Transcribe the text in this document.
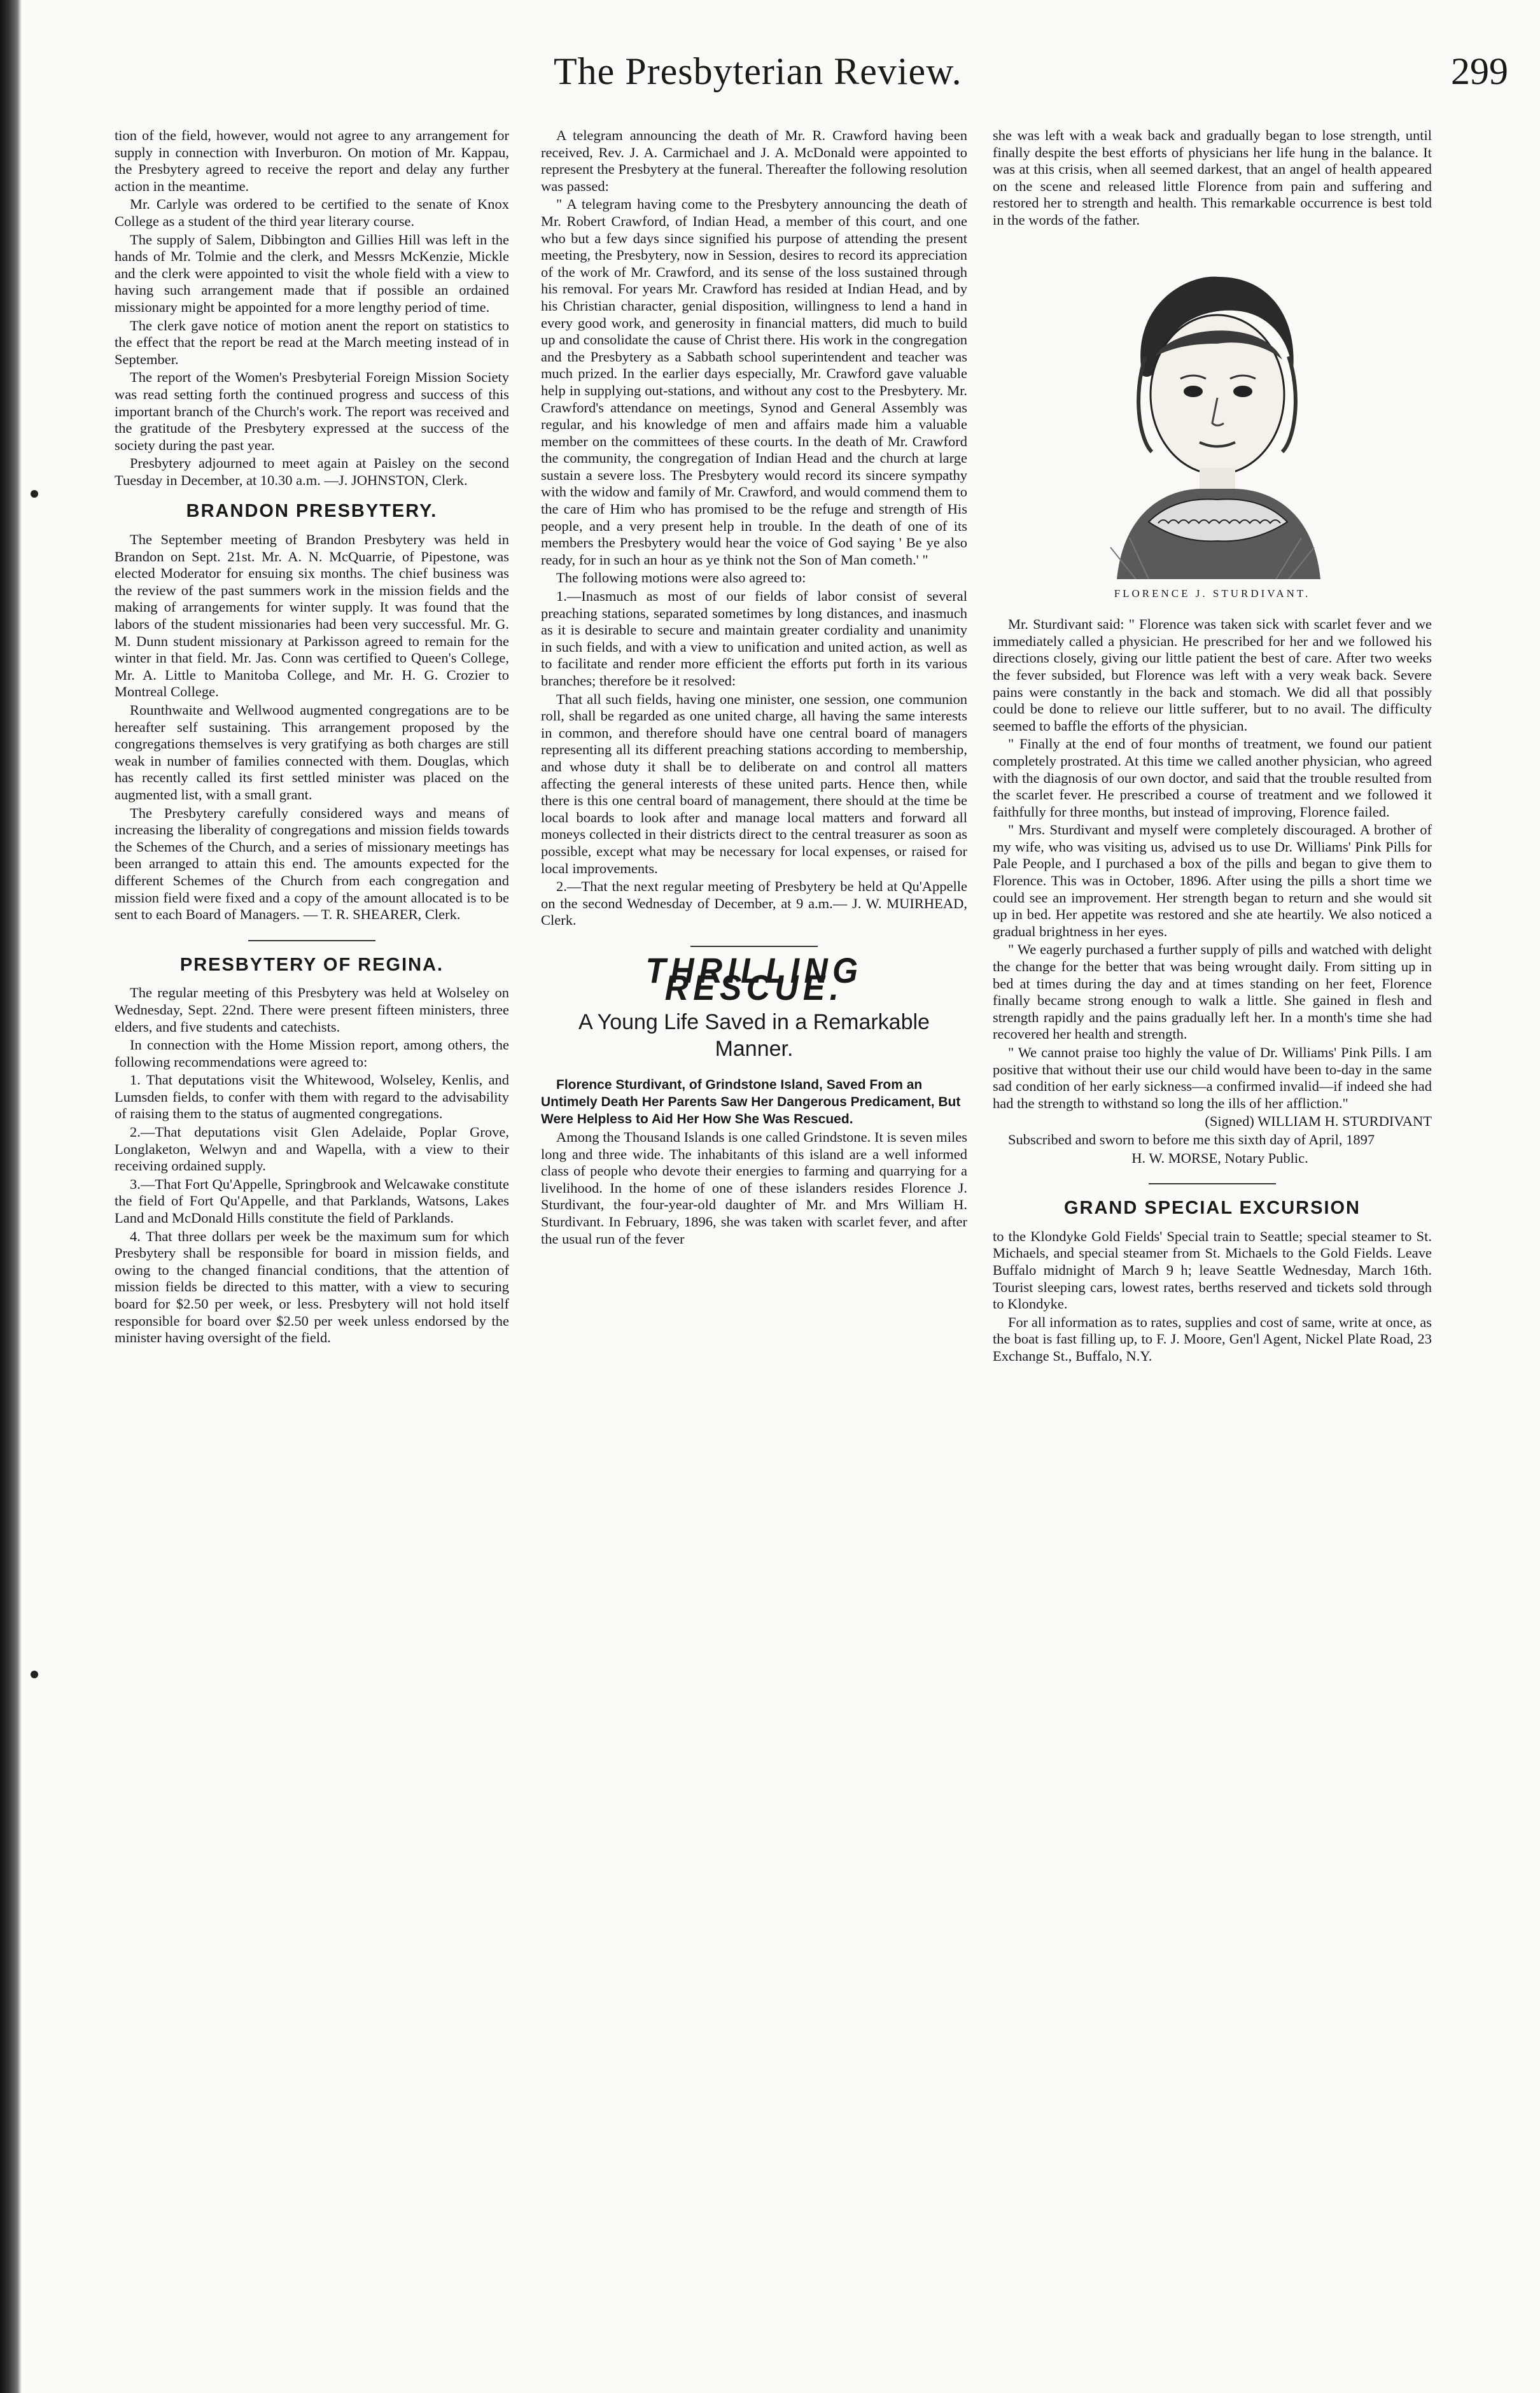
The Presbyterian Review.	299

tion of the field, however, would not agree to any arrangement for supply in connection with Inverburon. On motion of Mr. Kappau, the Presbytery agreed to receive the report and delay any further action in the meantime.

Mr. Carlyle was ordered to be certified to the senate of Knox College as a student of the third year literary course.

The supply of Salem, Dibbington and Gillies Hill was left in the hands of Mr. Tolmie and the clerk, and Messrs McKenzie, Mickle and the clerk were appointed to visit the whole field with a view to having such arrangement made that if possible an ordained missionary might be appointed for a more lengthy period of time.

The clerk gave notice of motion anent the report on statistics to the effect that the report be read at the March meeting instead of in September.

The report of the Women's Presbyterial Foreign Mission Society was read setting forth the continued progress and success of this important branch of the Church's work. The report was received and the gratitude of the Presbytery expressed at the success of the society during the past year.

Presbytery adjourned to meet again at Paisley on the second Tuesday in December, at 10.30 a.m. —J. JOHNSTON, Clerk.

BRANDON PRESBYTERY.

The September meeting of Brandon Presbytery was held in Brandon on Sept. 21st. Mr. A. N. McQuarrie, of Pipestone, was elected Moderator for ensuing six months. The chief business was the review of the past summers work in the mission fields and the making of arrangements for winter supply. It was found that the labors of the student missionaries had been very successful. Mr. G. M. Dunn student missionary at Parkisson agreed to remain for the winter in that field. Mr. Jas. Conn was certified to Queen's College, Mr. A. Little to Manitoba College, and Mr. H. G. Crozier to Montreal College.

Rounthwaite and Wellwood augmented congregations are to be hereafter self sustaining. This arrangement proposed by the congregations themselves is very gratifying as both charges are still weak in number of families connected with them. Douglas, which has recently called its first settled minister was placed on the augmented list, with a small grant.

The Presbytery carefully considered ways and means of increasing the liberality of congregations and mission fields towards the Schemes of the Church, and a series of missionary meetings has been arranged to attain this end. The amounts expected for the different Schemes of the Church from each congregation and mission field were fixed and a copy of the amount allocated is to be sent to each Board of Managers. — T. R. SHEARER, Clerk.

PRESBYTERY OF REGINA.

The regular meeting of this Presbytery was held at Wolseley on Wednesday, Sept. 22nd. There were present fifteen ministers, three elders, and five students and catechists.

In connection with the Home Mission report, among others, the following recommendations were agreed to:

1. That deputations visit the Whitewood, Wolseley, Kenlis, and Lumsden fields, to confer with them with regard to the advisability of raising them to the status of augmented congregations.

2.—That deputations visit Glen Adelaide, Poplar Grove, Longlaketon, Welwyn and and Wapella, with a view to their receiving ordained supply.

3.—That Fort Qu'Appelle, Springbrook and Welcawake constitute the field of Fort Qu'Appelle, and that Parklands, Watsons, Lakes Land and McDonald Hills constitute the field of Parklands.

4. That three dollars per week be the maximum sum for which Presbytery shall be responsible for board in mission fields, and owing to the changed financial conditions, that the attention of mission fields be directed to this matter, with a view to securing board for $2.50 per week, or less. Presbytery will not hold itself responsible for board over $2.50 per week unless endorsed by the minister having oversight of the field.

A telegram announcing the death of Mr. R. Crawford having been received, Rev. J. A. Carmichael and J. A. McDonald were appointed to represent the Presbytery at the funeral. Thereafter the following resolution was passed:

" A telegram having come to the Presbytery announcing the death of Mr. Robert Crawford, of Indian Head, a member of this court, and one who but a few days since signified his purpose of attending the present meeting, the Presbytery, now in Session, desires to record its appreciation of the work of Mr. Crawford, and its sense of the loss sustained through his removal. For years Mr. Crawford has resided at Indian Head, and by his Christian character, genial disposition, willingness to lend a hand in every good work, and generosity in financial matters, did much to build up and consolidate the cause of Christ there. His work in the congregation and the Presbytery as a Sabbath school superintendent and teacher was much prized. In the earlier days especially, Mr. Crawford gave valuable help in supplying out-stations, and without any cost to the Presbytery. Mr. Crawford's attendance on meetings, Synod and General Assembly was regular, and his knowledge of men and affairs made him a valuable member on the committees of these courts. In the death of Mr. Crawford the community, the congregation of Indian Head and the church at large sustain a severe loss. The Presbytery would record its sincere sympathy with the widow and family of Mr. Crawford, and would commend them to the care of Him who has promised to be the refuge and strength of His people, and a very present help in trouble. In the death of one of its members the Presbytery would hear the voice of God saying ' Be ye also ready, for in such an hour as ye think not the Son of Man cometh.' "

The following motions were also agreed to:

1.—Inasmuch as most of our fields of labor consist of several preaching stations, separated sometimes by long distances, and inasmuch as it is desirable to secure and maintain greater cordiality and unanimity in such fields, and with a view to unification and united action, as well as to facilitate and render more efficient the efforts put forth in its various branches; therefore be it resolved:

That all such fields, having one minister, one session, one communion roll, shall be regarded as one united charge, all having the same interests in common, and therefore should have one central board of managers representing all its different preaching stations according to membership, and whose duty it shall be to deliberate on and control all matters affecting the general interests of these united parts. Hence then, while there is this one central board of management, there should at the time be local boards to look after and manage local matters and forward all moneys collected in their districts direct to the central treasurer as soon as possible, except what may be necessary for local expenses, or raised for local improvements.

2.—That the next regular meeting of Presbytery be held at Qu'Appelle on the second Wednesday of December, at 9 a.m.— J. W. MUIRHEAD, Clerk.

THRILLING RESCUE.
A Young Life Saved in a Remarkable Manner.

Florence Sturdivant, of Grindstone Island, Saved From an Untimely Death Her Parents Saw Her Dangerous Predicament, But Were Helpless to Aid Her How She Was Rescued.

Among the Thousand Islands is one called Grindstone. It is seven miles long and three wide. The inhabitants of this island are a well informed class of people who devote their energies to farming and quarrying for a livelihood. In the home of one of these islanders resides Florence J. Sturdivant, the four-year-old daughter of Mr. and Mrs William H. Sturdivant. In February, 1896, she was taken with scarlet fever, and after the usual run of the fever

she was left with a weak back and gradually began to lose strength, until finally despite the best efforts of physicians her life hung in the balance. It was at this crisis, when all seemed darkest, that an angel of health appeared on the scene and released little Florence from pain and suffering and restored her to strength and health. This remarkable occurrence is best told in the words of the father.

FLORENCE J. STURDIVANT.

Mr. Sturdivant said: " Florence was taken sick with scarlet fever and we immediately called a physician. He prescribed for her and we followed his directions closely, giving our little patient the best of care. After two weeks the fever subsided, but Florence was left with a very weak back. Severe pains were constantly in the back and stomach. We did all that possibly could be done to relieve our little sufferer, but to no avail. The difficulty seemed to baffle the efforts of the physician.

" Finally at the end of four months of treatment, we found our patient completely prostrated. At this time we called another physician, who agreed with the diagnosis of our own doctor, and said that the trouble resulted from the scarlet fever. He prescribed a course of treatment and we followed it faithfully for three months, but instead of improving, Florence failed.

" Mrs. Sturdivant and myself were completely discouraged. A brother of my wife, who was visiting us, advised us to use Dr. Williams' Pink Pills for Pale People, and I purchased a box of the pills and began to give them to Florence. This was in October, 1896. After using the pills a short time we could see an improvement. Her strength began to return and she would sit up in bed. Her appetite was restored and she ate heartily. We also noticed a gradual brightness in her eyes.

" We eagerly purchased a further supply of pills and watched with delight the change for the better that was being wrought daily. From sitting up in bed at times during the day and at times standing on her feet, Florence finally became strong enough to walk a little. She gained in flesh and strength rapidly and the pains gradually left her. In a month's time she had recovered her health and strength.

" We cannot praise too highly the value of Dr. Williams' Pink Pills. I am positive that without their use our child would have been to-day in the same sad condition of her early sickness—a confirmed invalid—if indeed she had had the strength to withstand so long the ills of her affliction."

(Signed) WILLIAM H. STURDIVANT

Subscribed and sworn to before me this sixth day of April, 1897

H. W. MORSE, Notary Public.

GRAND SPECIAL EXCURSION

to the Klondyke Gold Fields' Special train to Seattle; special steamer to St. Michaels, and special steamer from St. Michaels to the Gold Fields. Leave Buffalo midnight of March 9 h; leave Seattle Wednesday, March 16th. Tourist sleeping cars, lowest rates, berths reserved and tickets sold through to Klondyke.

For all information as to rates, supplies and cost of same, write at once, as the boat is fast filling up, to F. J. Moore, Gen'l Agent, Nickel Plate Road, 23 Exchange St., Buffalo, N.Y.
